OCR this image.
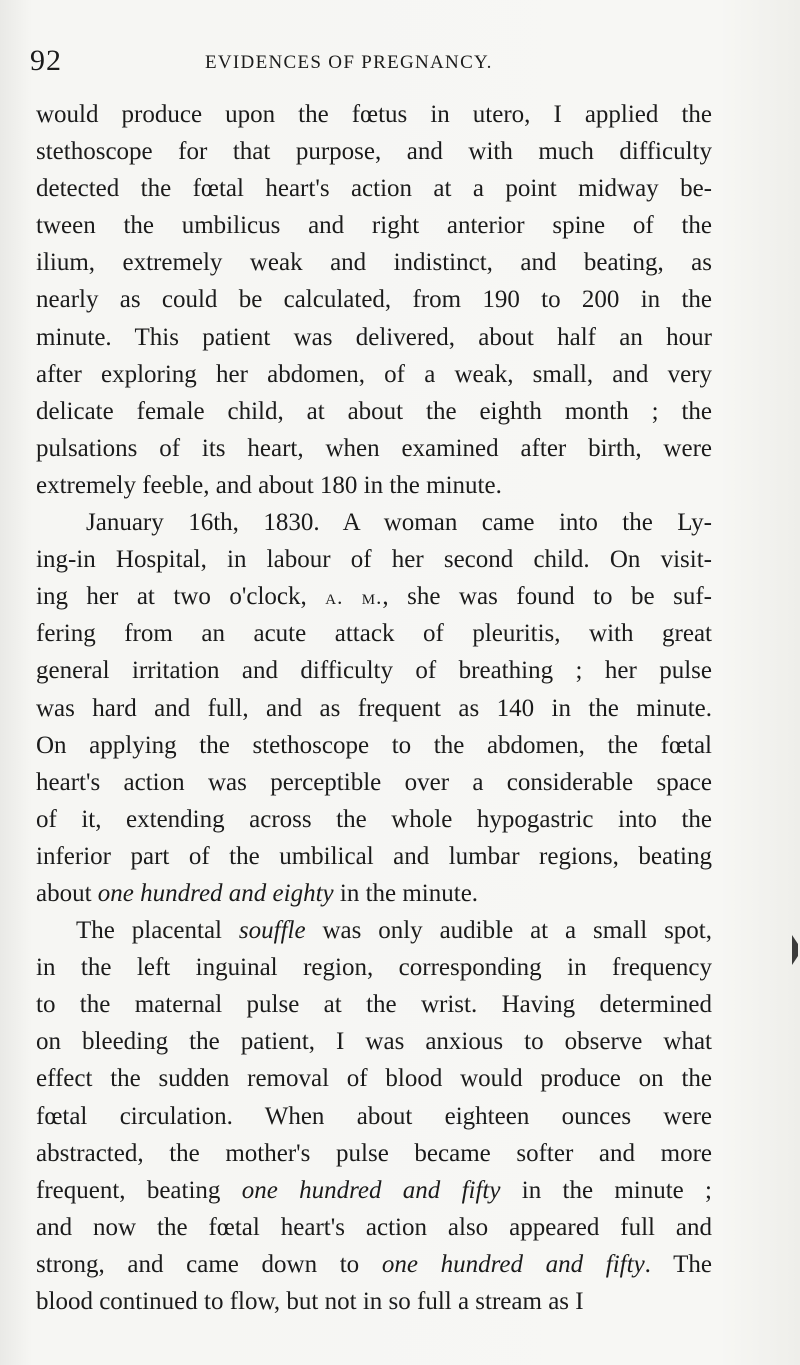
92	EVIDENCES OF PREGNANCY.
would produce upon the fœtus in utero, I applied the
stethoscope for that purpose, and with much difficulty
detected the fœtal heart's action at a point midway be-
tween the umbilicus and right anterior spine of the
ilium, extremely weak and indistinct, and beating, as
nearly as could be calculated, from 190 to 200 in the
minute. This patient was delivered, about half an hour
after exploring her abdomen, of a weak, small, and very
delicate female child, at about the eighth month ; the
pulsations of its heart, when examined after birth, were
extremely feeble, and about 180 in the minute.
January 16th, 1830. A woman came into the Ly-
ing-in Hospital, in labour of her second child. On visit-
ing her at two o'clock, a. m., she was found to be suf-
fering from an acute attack of pleuritis, with great
general irritation and difficulty of breathing ; her pulse
was hard and full, and as frequent as 140 in the minute.
On applying the stethoscope to the abdomen, the fœtal
heart's action was perceptible over a considerable space
of it, extending across the whole hypogastric into the
inferior part of the umbilical and lumbar regions, beating
about one hundred and eighty in the minute.
The placental souffle was only audible at a small spot,
in the left inguinal region, corresponding in frequency
to the maternal pulse at the wrist. Having determined
on bleeding the patient, I was anxious to observe what
effect the sudden removal of blood would produce on the
fœtal circulation. When about eighteen ounces were
abstracted, the mother's pulse became softer and more
frequent, beating one hundred and fifty in the minute ;
and now the fœtal heart's action also appeared full and
strong, and came down to one hundred and fifty. The
blood continued to flow, but not in so full a stream as I
